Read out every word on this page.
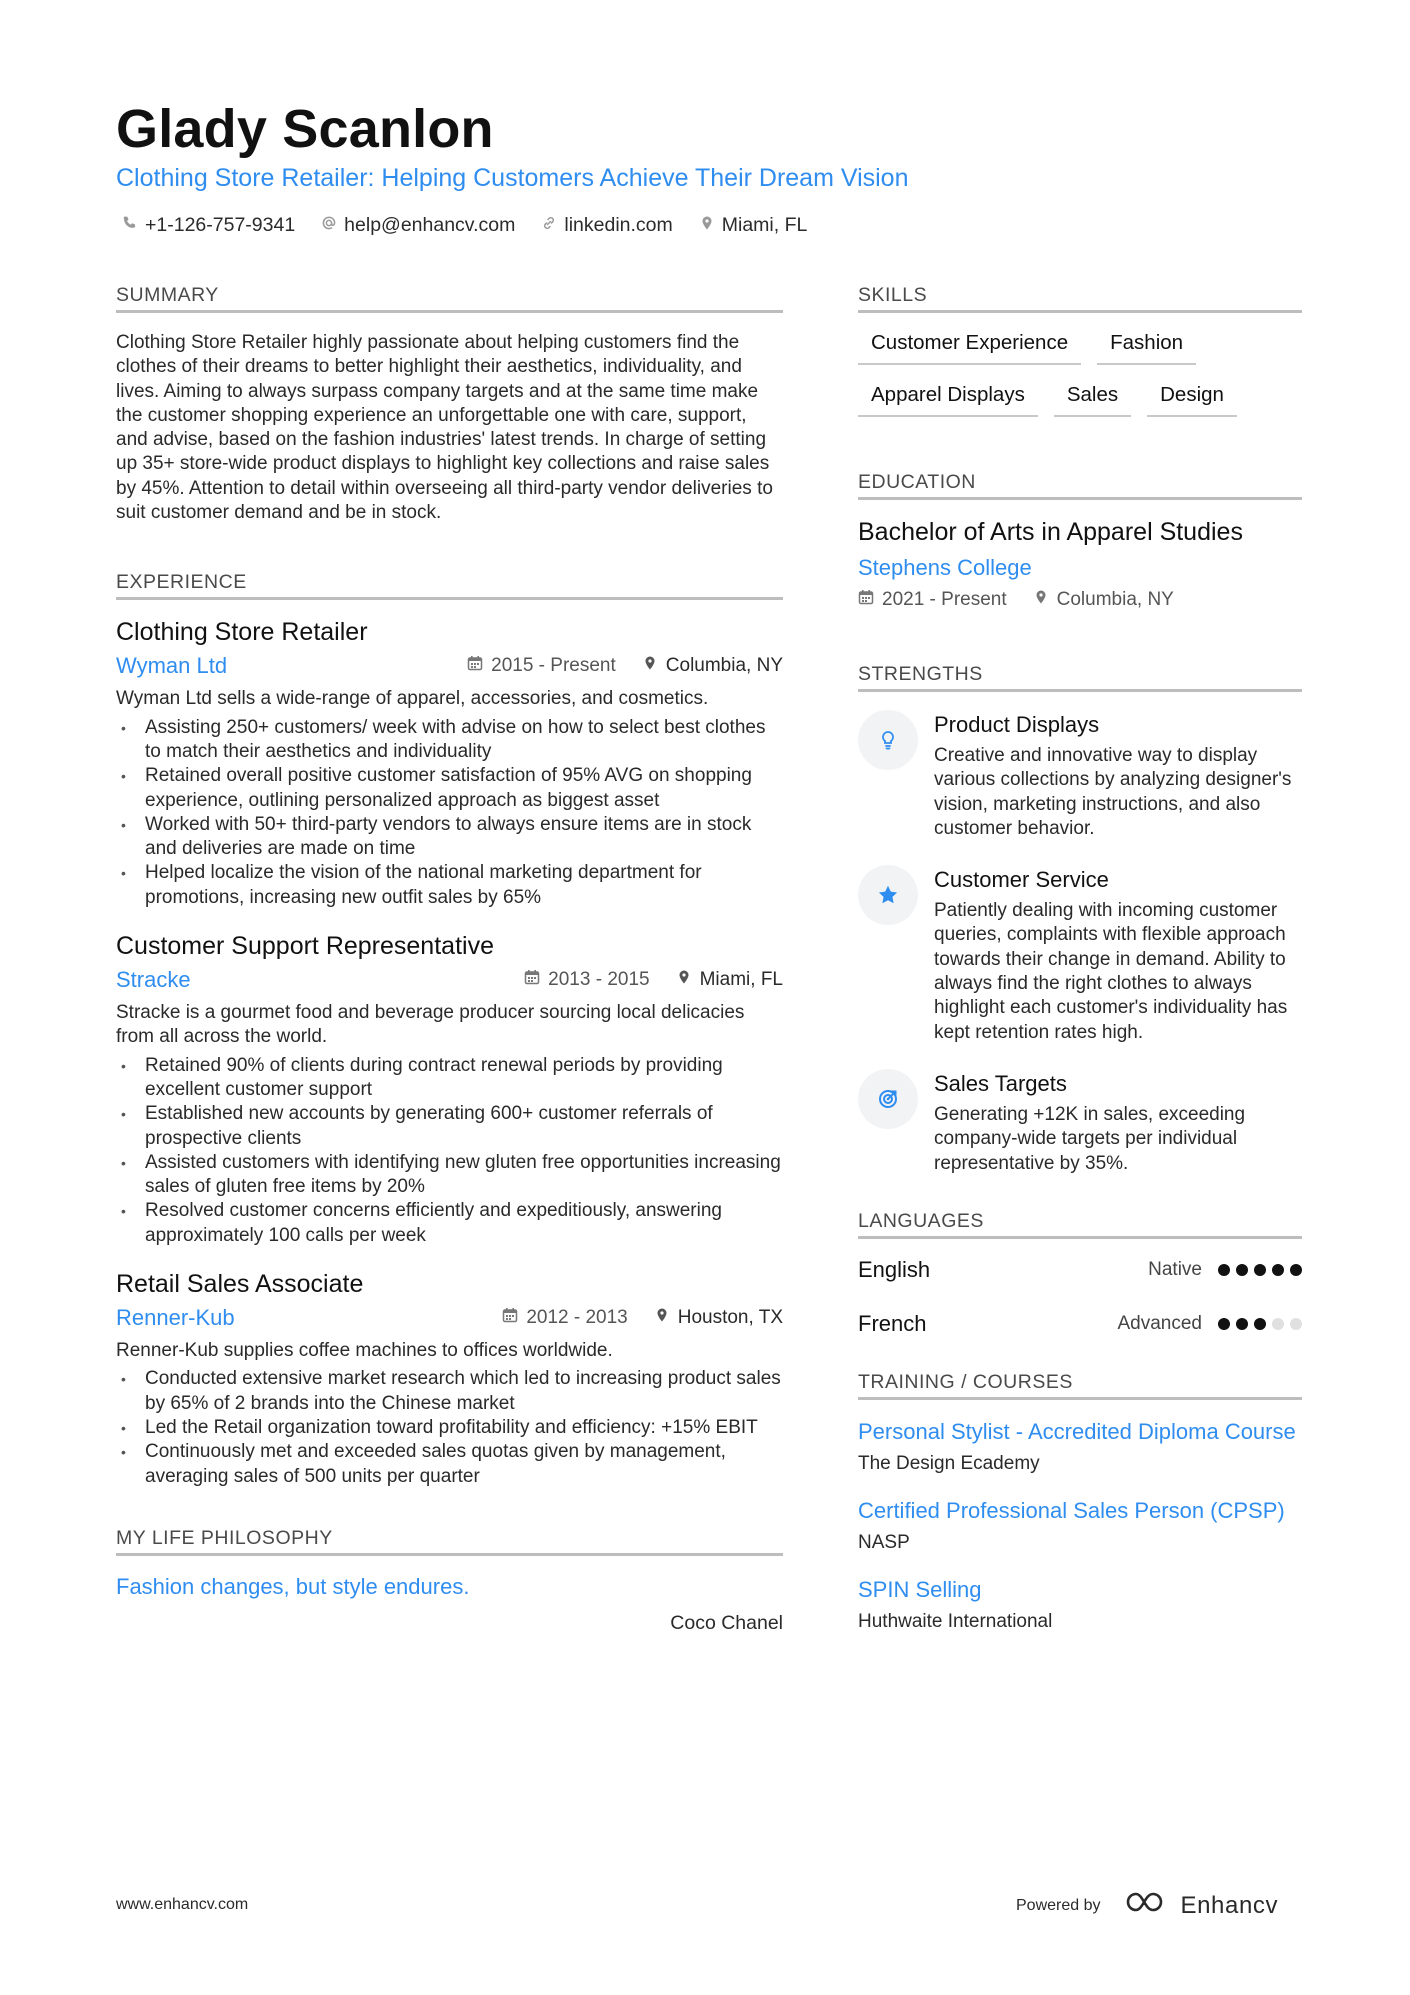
Glady Scanlon
Clothing Store Retailer: Helping Customers Achieve Their Dream Vision
+1-126-757-9341	help@enhancv.com	linkedin.com	Miami, FL
SUMMARY
Clothing Store Retailer highly passionate about helping customers find the clothes of their dreams to better highlight their aesthetics, individuality, and lives. Aiming to always surpass company targets and at the same time make the customer shopping experience an unforgettable one with care, support, and advise, based on the fashion industries' latest trends. In charge of setting up 35+ store-wide product displays to highlight key collections and raise sales by 45%. Attention to detail within overseeing all third-party vendor deliveries to suit customer demand and be in stock.
EXPERIENCE
Clothing Store Retailer
Wyman Ltd	2015 - Present	Columbia, NY
Wyman Ltd sells a wide-range of apparel, accessories, and cosmetics.
• Assisting 250+ customers/ week with advise on how to select best clothes to match their aesthetics and individuality
• Retained overall positive customer satisfaction of 95% AVG on shopping experience, outlining personalized approach as biggest asset
• Worked with 50+ third-party vendors to always ensure items are in stock and deliveries are made on time
• Helped localize the vision of the national marketing department for promotions, increasing new outfit sales by 65%
Customer Support Representative
Stracke	2013 - 2015	Miami, FL
Stracke is a gourmet food and beverage producer sourcing local delicacies from all across the world.
• Retained 90% of clients during contract renewal periods by providing excellent customer support
• Established new accounts by generating 600+ customer referrals of prospective clients
• Assisted customers with identifying new gluten free opportunities increasing sales of gluten free items by 20%
• Resolved customer concerns efficiently and expeditiously, answering approximately 100 calls per week
Retail Sales Associate
Renner-Kub	2012 - 2013	Houston, TX
Renner-Kub supplies coffee machines to offices worldwide.
• Conducted extensive market research which led to increasing product sales by 65% of 2 brands into the Chinese market
• Led the Retail organization toward profitability and efficiency: +15% EBIT
• Continuously met and exceeded sales quotas given by management, averaging sales of 500 units per quarter
MY LIFE PHILOSOPHY
Fashion changes, but style endures.
Coco Chanel
SKILLS
Customer Experience	Fashion
Apparel Displays	Sales	Design
EDUCATION
Bachelor of Arts in Apparel Studies
Stephens College
2021 - Present	Columbia, NY
STRENGTHS
Product Displays
Creative and innovative way to display various collections by analyzing designer's vision, marketing instructions, and also customer behavior.
Customer Service
Patiently dealing with incoming customer queries, complaints with flexible approach towards their change in demand. Ability to always find the right clothes to always highlight each customer's individuality has kept retention rates high.
Sales Targets
Generating +12K in sales, exceeding company-wide targets per individual representative by 35%.
LANGUAGES
English	Native
French	Advanced
TRAINING / COURSES
Personal Stylist - Accredited Diploma Course
The Design Ecademy
Certified Professional Sales Person (CPSP)
NASP
SPIN Selling
Huthwaite International
www.enhancv.com	Powered by	Enhancv
